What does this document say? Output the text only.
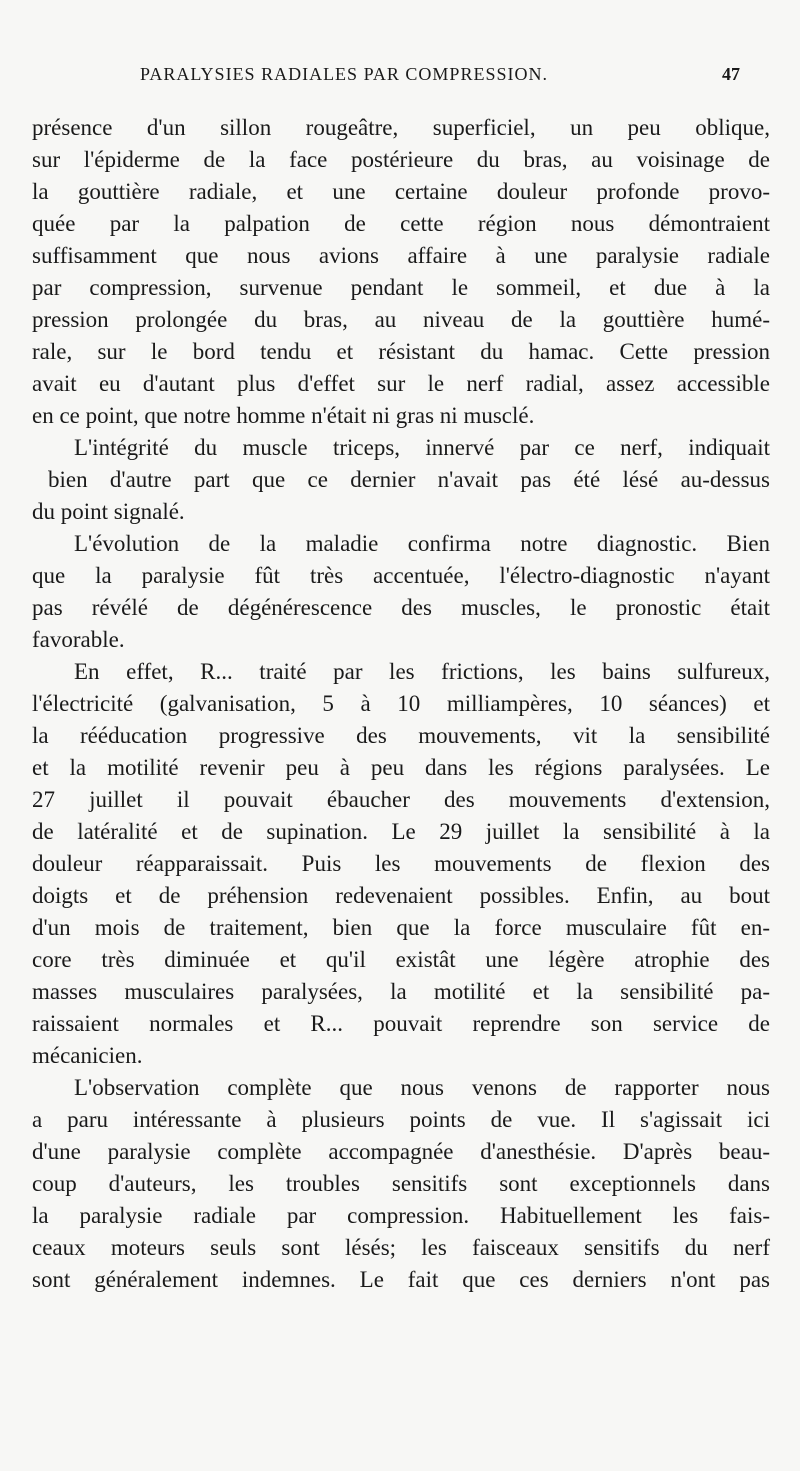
PARALYSIES RADIALES PAR COMPRESSION.	47
présence d'un sillon rougeâtre, superficiel, un peu oblique,
sur l'épiderme de la face postérieure du bras, au voisinage de
la gouttière radiale, et une certaine douleur profonde provo-
quée par la palpation de cette région nous démontraient
suffisamment que nous avions affaire à une paralysie radiale
par compression, survenue pendant le sommeil, et due à la
pression prolongée du bras, au niveau de la gouttière humé-
rale, sur le bord tendu et résistant du hamac. Cette pression
avait eu d'autant plus d'effet sur le nerf radial, assez accessible
en ce point, que notre homme n'était ni gras ni musclé.
L'intégrité du muscle triceps, innervé par ce nerf, indiquait
bien d'autre part que ce dernier n'avait pas été lésé au-dessus
du point signalé.
L'évolution de la maladie confirma notre diagnostic. Bien
que la paralysie fût très accentuée, l'électro-diagnostic n'ayant
pas révélé de dégénérescence des muscles, le pronostic était
favorable.
En effet, R... traité par les frictions, les bains sulfureux,
l'électricité (galvanisation, 5 à 10 milliampères, 10 séances) et
la rééducation progressive des mouvements, vit la sensibilité
et la motilité revenir peu à peu dans les régions paralysées. Le
27 juillet il pouvait ébaucher des mouvements d'extension,
de latéralité et de supination. Le 29 juillet la sensibilité à la
douleur réapparaissait. Puis les mouvements de flexion des
doigts et de préhension redevenaient possibles. Enfin, au bout
d'un mois de traitement, bien que la force musculaire fût en-
core très diminuée et qu'il existât une légère atrophie des
masses musculaires paralysées, la motilité et la sensibilité pa-
raissaient normales et R... pouvait reprendre son service de
mécanicien.
L'observation complète que nous venons de rapporter nous
a paru intéressante à plusieurs points de vue. Il s'agissait ici
d'une paralysie complète accompagnée d'anesthésie. D'après beau-
coup d'auteurs, les troubles sensitifs sont exceptionnels dans
la paralysie radiale par compression. Habituellement les fais-
ceaux moteurs seuls sont lésés; les faisceaux sensitifs du nerf
sont généralement indemnes. Le fait que ces derniers n'ont pas
